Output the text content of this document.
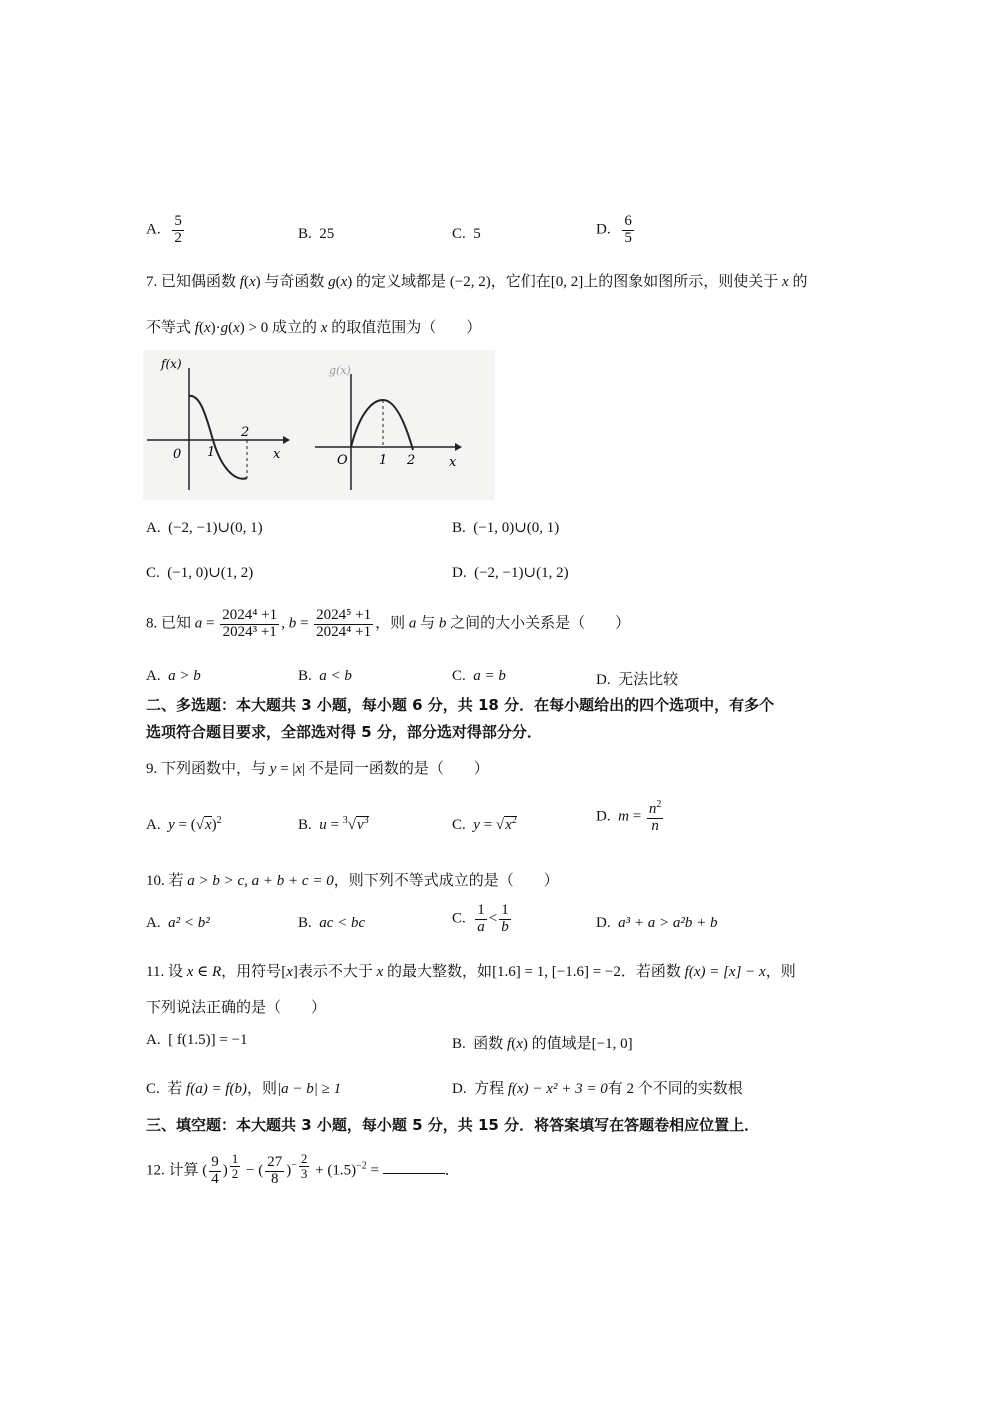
A. $\frac{5}{2}$	B. 25	C. 5	D. $\frac{6}{5}$
7. 已知偶函数 f(x) 与奇函数 g(x) 的定义域都是 (−2, 2)，它们在[0, 2]上的图象如图所示，则使关于 x 的
不等式 f(x)·g(x) > 0 成立的 x 的取值范围为（　　）
f(x)
0 1
2
x
g(x)
O 1 2	x
A. (−2, −1)∪(0, 1)	B. (−1, 0)∪(0, 1)
C. (−1, 0)∪(1, 2)	D. (−2, −1)∪(1, 2)
8. 已知 $a = \frac{\text{2024⁴ +1}}{\text{2024³ +1}}$ , $b = \frac{\text{2024⁵ +1}}{\text{2024⁴ +1}}$ ，则 a 与 b 之间的大小关系是（　　）
A. a > b	B. a < b	C. a = b	D. 无法比较
二、多选题：本大题共 3 小题，每小题 6 分，共 18 分．在每小题给出的四个选项中，有多个
选项符合题目要求，全部选对得 5 分，部分选对得部分分．
9. 下列函数中，与 y = |x| 不是同一函数的是（　　）
A. $y = (√x)^2$	B. $u = ^3√v^3$	C. $y = √x^2$	D. $m = \frac{n^2}{n}$
10. 若 a > b > c, a + b + c = 0，则下列不等式成立的是（　　）
A. a² < b²	B. ac < bc	C. $\frac{1}{a} < \frac{1}{b}$	D. a³ + a > a²b + b
11. 设 x ∈ R，用符号[x]表示不大于 x 的最大整数，如[1.6] = 1, [−1.6] = −2．若函数 f(x) = [x] − x，则
下列说法正确的是（　　）
A. [ f(1.5)] = −1	B. 函数 f(x) 的值域是[−1, 0]
C. 若 f(a) = f(b)，则|a − b| ≥ 1	D. 方程 f(x) − x² + 3 = 0有 2 个不同的实数根
三、填空题：本大题共 3 小题，每小题 5 分，共 15 分．将答案填写在答题卷相应位置上．
12. 计算 ( $\frac{9}{4}$ ) $^{\frac{1}{2}}$ − ( $\frac{27}{8} )^{- \frac{2}{3}} + (1.5)^{-2}$ =	．
